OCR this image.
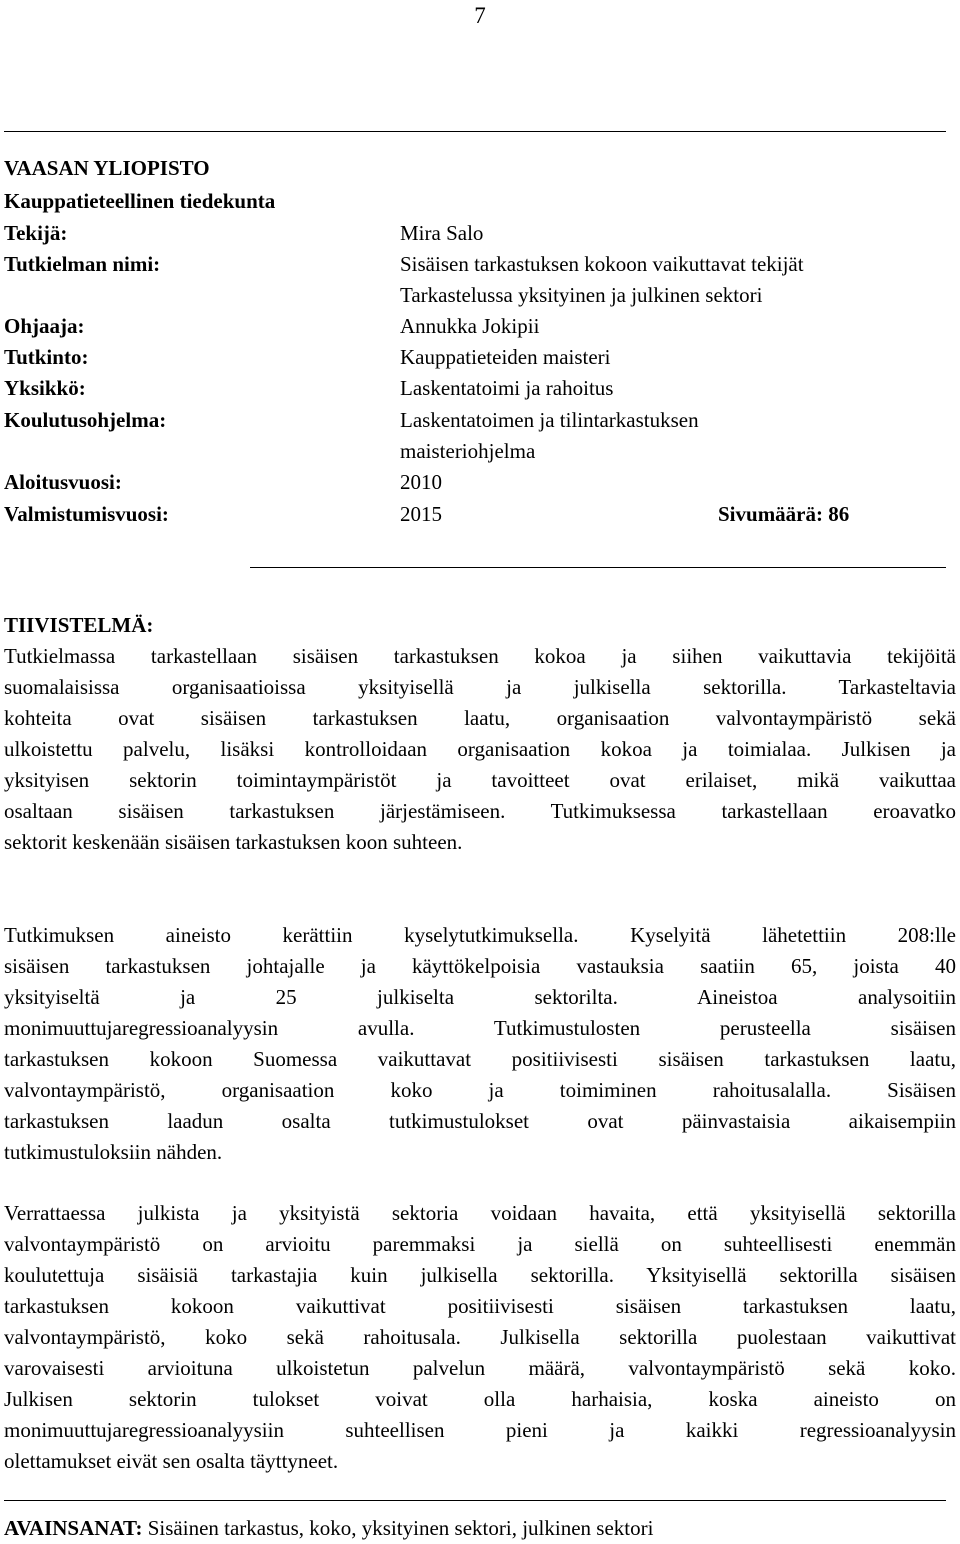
7
VAASAN YLIOPISTO
Kauppatieteellinen tiedekunta
Tekijä:	Mira Salo
Tutkielman nimi:	Sisäisen tarkastuksen kokoon vaikuttavat tekijät
Tarkastelussa yksityinen ja julkinen sektori
Ohjaaja:	Annukka Jokipii
Tutkinto:	Kauppatieteiden maisteri
Yksikkö:	Laskentatoimi ja rahoitus
Koulutusohjelma:	Laskentatoimen ja tilintarkastuksen
maisteriohjelma
Aloitusvuosi:	2010
Valmistumisvuosi:	2015	Sivumäärä: 86
TIIVISTELMÄ:
Tutkielmassa tarkastellaan sisäisen tarkastuksen kokoa ja siihen vaikuttavia tekijöitä
suomalaisissa organisaatioissa yksityisellä ja julkisella sektorilla. Tarkasteltavia
kohteita ovat sisäisen tarkastuksen laatu, organisaation valvontaympäristö sekä
ulkoistettu palvelu, lisäksi kontrolloidaan organisaation kokoa ja toimialaa. Julkisen ja
yksityisen sektorin toimintaympäristöt ja tavoitteet ovat erilaiset, mikä vaikuttaa
osaltaan sisäisen tarkastuksen järjestämiseen. Tutkimuksessa tarkastellaan eroavatko
sektorit keskenään sisäisen tarkastuksen koon suhteen.
Tutkimuksen aineisto kerättiin kyselytutkimuksella. Kyselyitä lähetettiin 208:lle
sisäisen tarkastuksen johtajalle ja käyttökelpoisia vastauksia saatiin 65, joista 40
yksityiseltä ja 25 julkiselta sektorilta. Aineistoa analysoitiin
monimuuttujaregressioanalyysin avulla. Tutkimustulosten perusteella sisäisen
tarkastuksen kokoon Suomessa vaikuttavat positiivisesti sisäisen tarkastuksen laatu,
valvontaympäristö, organisaation koko ja toimiminen rahoitusalalla. Sisäisen
tarkastuksen laadun osalta tutkimustulokset ovat päinvastaisia aikaisempiin
tutkimustuloksiin nähden.
Verrattaessa julkista ja yksityistä sektoria voidaan havaita, että yksityisellä sektorilla
valvontaympäristö on arvioitu paremmaksi ja siellä on suhteellisesti enemmän
koulutettuja sisäisiä tarkastajia kuin julkisella sektorilla. Yksityisellä sektorilla sisäisen
tarkastuksen kokoon vaikuttivat positiivisesti sisäisen tarkastuksen laatu,
valvontaympäristö, koko sekä rahoitusala. Julkisella sektorilla puolestaan vaikuttivat
varovaisesti arvioituna ulkoistetun palvelun määrä, valvontaympäristö sekä koko.
Julkisen sektorin tulokset voivat olla harhaisia, koska aineisto on
monimuuttujaregressioanalyysiin suhteellisen pieni ja kaikki regressioanalyysin
olettamukset eivät sen osalta täyttyneet.
AVAINSANAT: Sisäinen tarkastus, koko, yksityinen sektori, julkinen sektori
